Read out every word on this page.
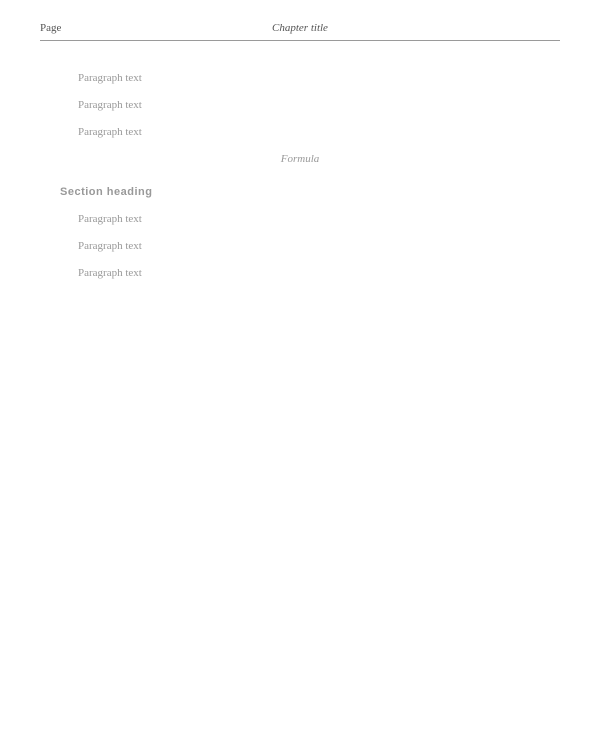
Page	Chapter title

Paragraph text

Paragraph text

Paragraph text

Formula
Section heading

Paragraph text

Paragraph text

Paragraph text
